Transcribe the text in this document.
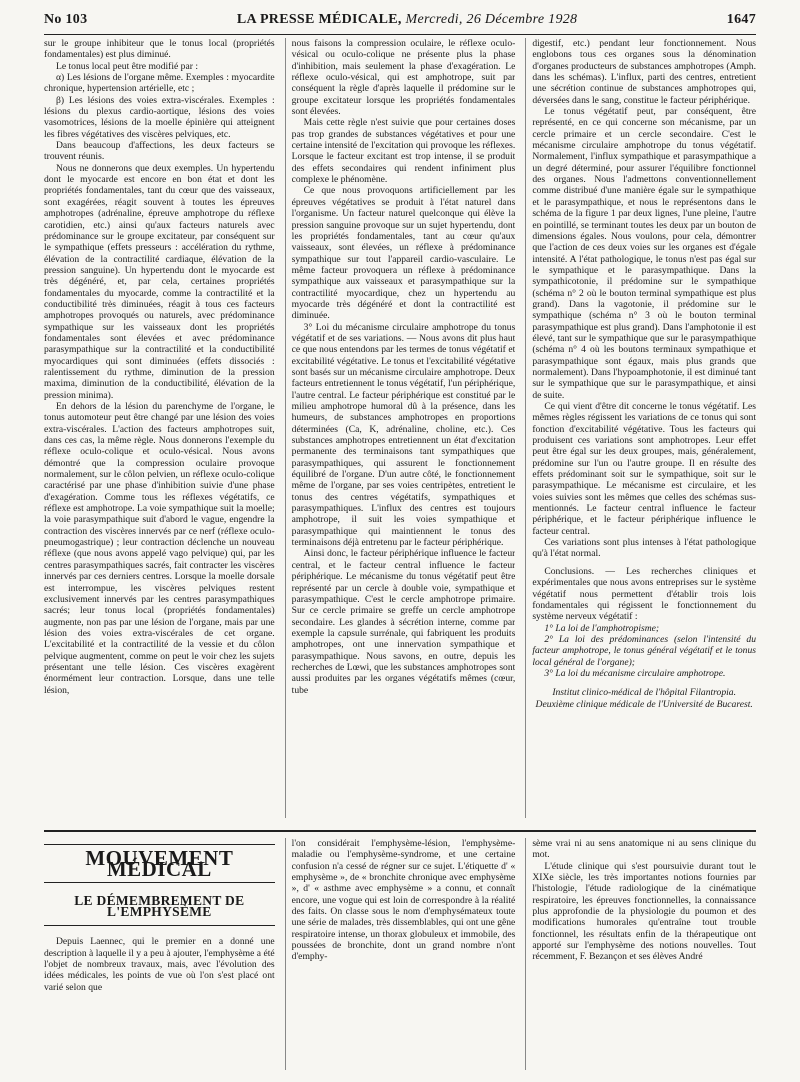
No 103	LA PRESSE MÉDICALE, Mercredi, 26 Décembre 1928	1647

sur le groupe inhibiteur que le tonus local (propriétés fondamentales) est plus diminué.

Le tonus local peut être modifié par :

α) Les lésions de l'organe même. Exemples : myocardite chronique, hypertension artérielle, etc ;

β) Les lésions des voies extra-viscérales. Exemples : lésions du plexus cardio-aortique, lésions des voies vasomotrices, lésions de la moelle épinière qui atteignent les fibres végétatives des viscères pelviques, etc.

Dans beaucoup d'affections, les deux facteurs se trouvent réunis.

Nous ne donnerons que deux exemples. Un hypertendu dont le myocarde est encore en bon état et dont les propriétés fondamentales, tant du cœur que des vaisseaux, sont exagérées, réagit souvent à toutes les épreuves amphotropes (adrénaline, épreuve amphotrope du réflexe carotidien, etc.) ainsi qu'aux facteurs naturels avec prédominance sur le groupe excitateur, par conséquent sur le sympathique (effets presseurs : accélération du rythme, élévation de la contractilité cardiaque, élévation de la pression sanguine). Un hypertendu dont le myocarde est très dégénéré, et, par cela, certaines propriétés fondamentales du myocarde, comme la contractilité et la conductibilité très diminuées, réagit à tous ces facteurs amphotropes provoqués ou naturels, avec prédominance sympathique sur les vaisseaux dont les propriétés fondamentales sont élevées et avec prédominance parasympathique sur la contractilité et la conductibilité myocardiques qui sont diminuées (effets dissociés : ralentissement du rythme, diminution de la pression maxima, diminution de la conductibilité, élévation de la pression minima).

En dehors de la lésion du parenchyme de l'organe, le tonus automoteur peut être changé par une lésion des voies extra-viscérales. L'action des facteurs amphotropes suit, dans ces cas, la même règle. Nous donnerons l'exemple du réflexe oculo-colique et oculo-vésical. Nous avons démontré que la compression oculaire provoque normalement, sur le côlon pelvien, un réflexe oculo-colique caractérisé par une phase d'inhibition suivie d'une phase d'exagération. Comme tous les réflexes végétatifs, ce réflexe est amphotrope. La voie sympathique suit la moelle; la voie parasympathique suit d'abord le vague, engendre la contraction des viscères innervés par ce nerf (réflexe oculo-pneumogastrique) ; leur contraction déclenche un nouveau réflexe (que nous avons appelé vago pelvique) qui, par les centres parasympathiques sacrés, fait contracter les viscères innervés par ces derniers centres. Lorsque la moelle dorsale est interrompue, les viscères pelviques restent exclusivement innervés par les centres parasympathiques sacrés; leur tonus local (propriétés fondamentales) augmente, non pas par une lésion de l'organe, mais par une lésion des voies extra-viscérales de cet organe. L'excitabilité et la contractilité de la vessie et du côlon pelvique augmentent, comme on peut le voir chez les sujets présentant une telle lésion. Ces viscères exagèrent énormément leur contraction. Lorsque, dans une telle lésion,

nous faisons la compression oculaire, le réflexe oculo-vésical ou oculo-colique ne présente plus la phase d'inhibition, mais seulement la phase d'exagération. Le réflexe oculo-vésical, qui est amphotrope, suit par conséquent la règle d'après laquelle il prédomine sur le groupe excitateur lorsque les propriétés fondamentales sont élevées.

Mais cette règle n'est suivie que pour certaines doses pas trop grandes de substances végétatives et pour une certaine intensité de l'excitation qui provoque les réflexes. Lorsque le facteur excitant est trop intense, il se produit des effets secondaires qui rendent infiniment plus complexe le phénomène.

Ce que nous provoquons artificiellement par les épreuves végétatives se produit à l'état naturel dans l'organisme. Un facteur naturel quelconque qui élève la pression sanguine provoque sur un sujet hypertendu, dont les propriétés fondamentales, tant au cœur qu'aux vaisseaux, sont élevées, un réflexe à prédominance sympathique sur tout l'appareil cardio-vasculaire. Le même facteur provoquera un réflexe à prédominance sympathique aux vaisseaux et parasympathique sur la contractilité myocardique, chez un hypertendu au myocarde très dégénéré et dont la contractilité est diminuée.

3° Loi du mécanisme circulaire amphotrope du tonus végétatif et de ses variations. — Nous avons dit plus haut ce que nous entendons par les termes de tonus végétatif et excitabilité végétative. Le tonus et l'excitabilité végétative sont basés sur un mécanisme circulaire amphotrope. Deux facteurs entretiennent le tonus végétatif, l'un périphérique, l'autre central. Le facteur périphérique est constitué par le milieu amphotrope humoral dû à la présence, dans les humeurs, de substances amphotropes en proportions déterminées (Ca, K, adrénaline, choline, etc.). Ces substances amphotropes entretiennent un état d'excitation permanente des terminaisons tant sympathiques que parasympathiques, qui assurent le fonctionnement équilibré de l'organe. D'un autre côté, le fonctionnement même de l'organe, par ses voies centripètes, entretient le tonus des centres végétatifs, sympathiques et parasympathiques. L'influx des centres est toujours amphotrope, il suit les voies sympathique et parasympathique qui maintiennent le tonus des terminaisons déjà entretenu par le facteur périphérique.

Ainsi donc, le facteur périphérique influence le facteur central, et le facteur central influence le facteur périphérique. Le mécanisme du tonus végétatif peut être représenté par un cercle à double voie, sympathique et parasympathique. C'est le cercle amphotrope primaire. Sur ce cercle primaire se greffe un cercle amphotrope secondaire. Les glandes à sécrétion interne, comme par exemple la capsule surrénale, qui fabriquent les produits amphotropes, ont une innervation sympathique et parasympathique. Nous savons, en outre, depuis les recherches de Lœwi, que les substances amphotropes sont aussi produites par les organes végétatifs mêmes (cœur, tube

digestif, etc.) pendant leur fonctionnement. Nous englobons tous ces organes sous la dénomination d'organes producteurs de substances amphotropes (Amph. dans les schémas). L'influx, parti des centres, entretient une sécrétion continue de substances amphotropes qui, déversées dans le sang, constitue le facteur périphérique.

Le tonus végétatif peut, par conséquent, être représenté, en ce qui concerne son mécanisme, par un cercle primaire et un cercle secondaire. C'est le mécanisme circulaire amphotrope du tonus végétatif. Normalement, l'influx sympathique et parasympathique a un degré déterminé, pour assurer l'équilibre fonctionnel des organes. Nous l'admettons conventionnellement comme distribué d'une manière égale sur le sympathique et le parasympathique, et nous le représentons dans le schéma de la figure 1 par deux lignes, l'une pleine, l'autre en pointillé, se terminant toutes les deux par un bouton de dimensions égales. Nous voulons, pour cela, démontrer que l'action de ces deux voies sur les organes est d'égale intensité. A l'état pathologique, le tonus n'est pas égal sur le sympathique et le parasympathique. Dans la sympathicotonie, il prédomine sur le sympathique (schéma n° 2 où le bouton terminal sympathique est plus grand). Dans la vagotonie, il prédomine sur le sympathique (schéma n° 3 où le bouton terminal parasympathique est plus grand). Dans l'amphotonie il est élevé, tant sur le sympathique que sur le parasympathique (schéma n° 4 où les boutons terminaux sympathique et parasympathique sont égaux, mais plus grands que normalement). Dans l'hypoamphotonie, il est diminué tant sur le sympathique que sur le parasympathique, et ainsi de suite.

Ce qui vient d'être dit concerne le tonus végétatif. Les mêmes règles régissent les variations de ce tonus qui sont fonction d'excitabilité végétative. Tous les facteurs qui produisent ces variations sont amphotropes. Leur effet peut être égal sur les deux groupes, mais, généralement, prédomine sur l'un ou l'autre groupe. Il en résulte des effets prédominant soit sur le sympathique, soit sur le parasympathique. Le mécanisme est circulaire, et les voies suivies sont les mêmes que celles des schémas sus-mentionnés. Le facteur central influence le facteur périphérique, et le facteur périphérique influence le facteur central.

Ces variations sont plus intenses à l'état pathologique qu'à l'état normal.

Conclusions. — Les recherches cliniques et expérimentales que nous avons entreprises sur le système végétatif nous permettent d'établir trois lois fondamentales qui régissent le fonctionnement du système nerveux végétatif :

1° La loi de l'amphotropisme;

2° La loi des prédominances (selon l'intensité du facteur amphotrope, le tonus général végétatif et le tonus local général de l'organe);

3° La loi du mécanisme circulaire amphotrope.

Institut clinico-médical de l'hôpital Filantropia.

Deuxième clinique médicale de l'Université de Bucarest.

MOUVEMENT MÉDICAL
LE DÉMEMBREMENT DE L'EMPHYSÈME

Depuis Laennec, qui le premier en a donné une description à laquelle il y a peu à ajouter, l'emphysème a été l'objet de nombreux travaux, mais, avec l'évolution des idées médicales, les points de vue où l'on s'est placé ont varié selon que

l'on considérait l'emphysème-lésion, l'emphysème-maladie ou l'emphysème-syndrome, et une certaine confusion n'a cessé de régner sur ce sujet. L'étiquette d' « emphysème », de « bronchite chronique avec emphysème », d' « asthme avec emphysème » a connu, et connaît encore, une vogue qui est loin de correspondre à la réalité des faits. On classe sous le nom d'emphysémateux toute une série de malades, très dissemblables, qui ont une gêne respiratoire intense, un thorax globuleux et immobile, des poussées de bronchite, dont un grand nombre n'ont d'emphy-

sème vrai ni au sens anatomique ni au sens clinique du mot.

L'étude clinique qui s'est poursuivie durant tout le XIXe siècle, les très importantes notions fournies par l'histologie, l'étude radiologique de la cinématique respiratoire, les épreuves fonctionnelles, la connaissance plus approfondie de la physiologie du poumon et des modifications humorales qu'entraîne tout trouble fonctionnel, les résultats enfin de la thérapeutique ont apporté sur l'emphysème des notions nouvelles. Tout récemment, F. Bezançon et ses élèves André
